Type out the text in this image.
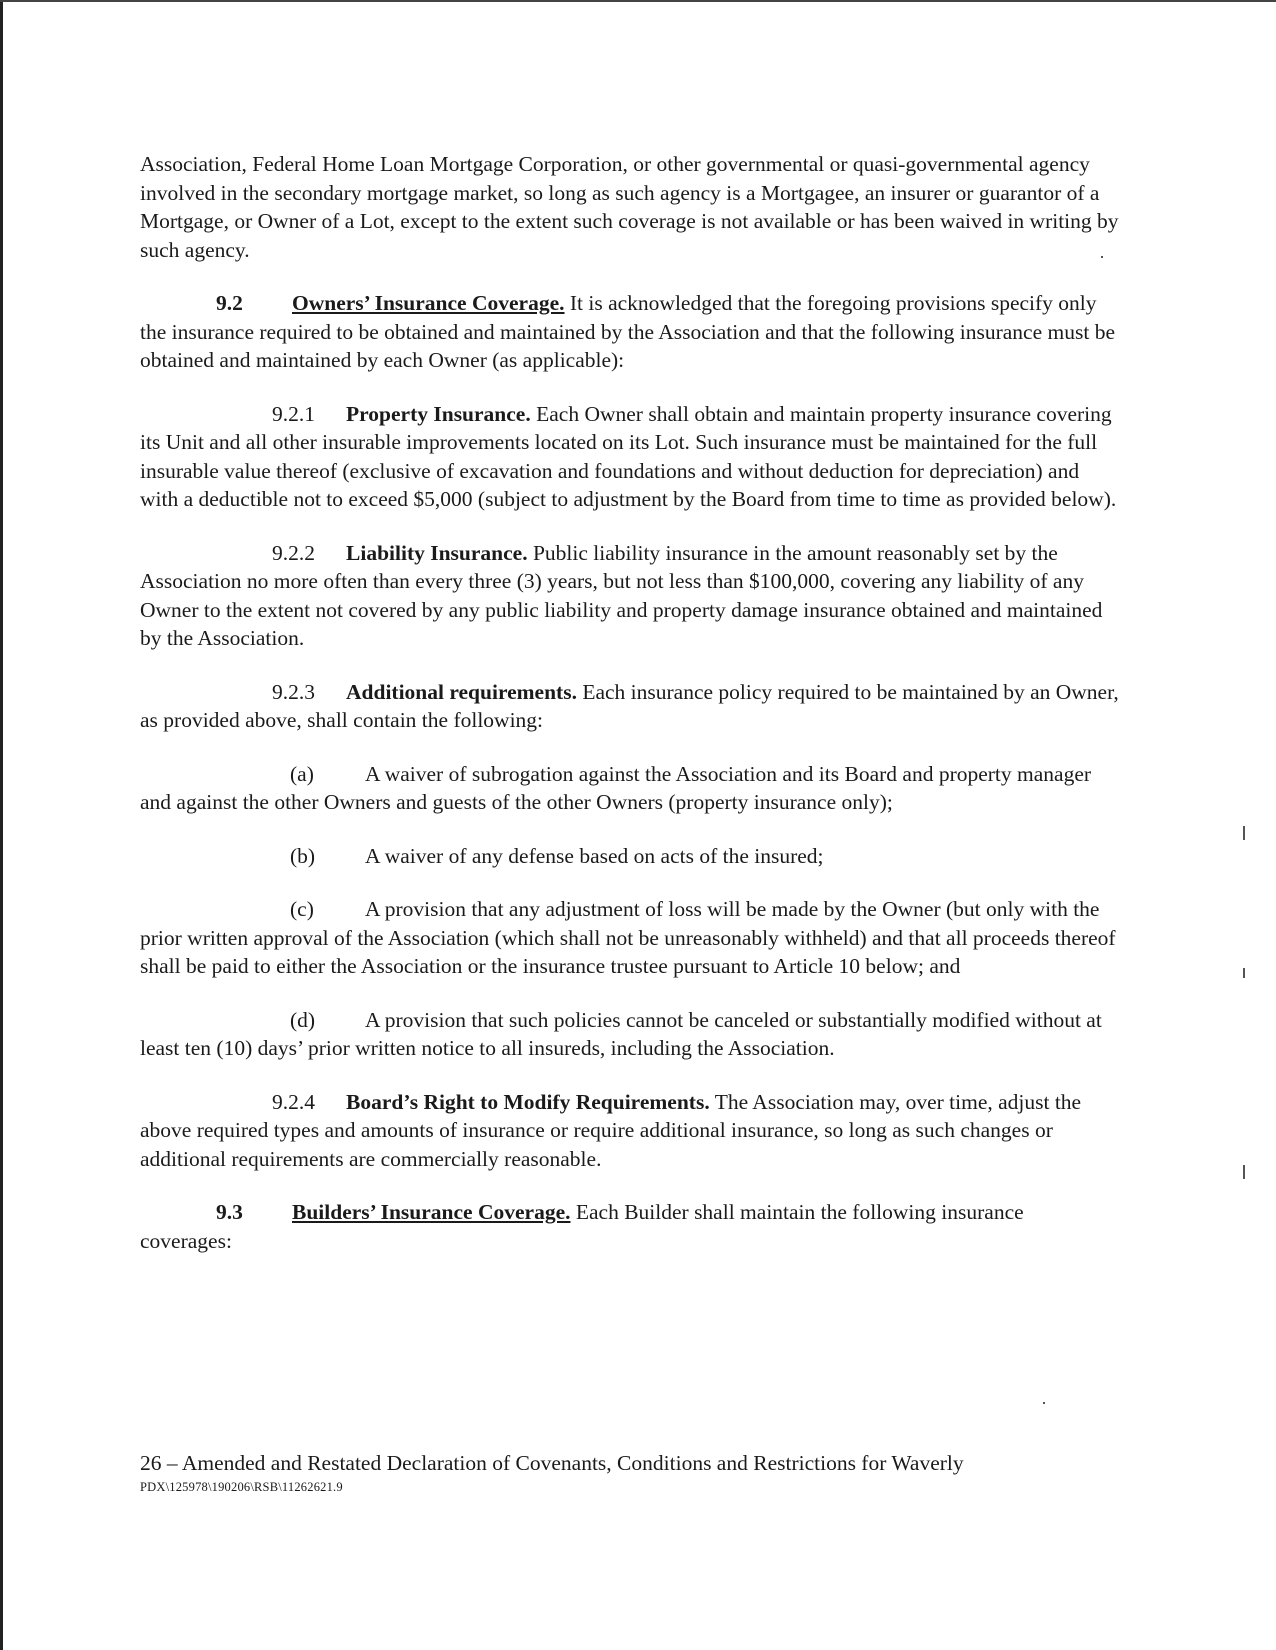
Association, Federal Home Loan Mortgage Corporation, or other governmental or quasi-governmental agency involved in the secondary mortgage market, so long as such agency is a Mortgagee, an insurer or guarantor of a Mortgage, or Owner of a Lot, except to the extent such coverage is not available or has been waived in writing by such agency.

9.2 Owners’ Insurance Coverage. It is acknowledged that the foregoing provisions specify only the insurance required to be obtained and maintained by the Association and that the following insurance must be obtained and maintained by each Owner (as applicable):

9.2.1 Property Insurance. Each Owner shall obtain and maintain property insurance covering its Unit and all other insurable improvements located on its Lot. Such insurance must be maintained for the full insurable value thereof (exclusive of excavation and foundations and without deduction for depreciation) and with a deductible not to exceed $5,000 (subject to adjustment by the Board from time to time as provided below).

9.2.2 Liability Insurance. Public liability insurance in the amount reasonably set by the Association no more often than every three (3) years, but not less than $100,000, covering any liability of any Owner to the extent not covered by any public liability and property damage insurance obtained and maintained by the Association.

9.2.3 Additional requirements. Each insurance policy required to be maintained by an Owner, as provided above, shall contain the following:

(a) A waiver of subrogation against the Association and its Board and property manager and against the other Owners and guests of the other Owners (property insurance only);

(b) A waiver of any defense based on acts of the insured;

(c) A provision that any adjustment of loss will be made by the Owner (but only with the prior written approval of the Association (which shall not be unreasonably withheld) and that all proceeds thereof shall be paid to either the Association or the insurance trustee pursuant to Article 10 below; and

(d) A provision that such policies cannot be canceled or substantially modified without at least ten (10) days’ prior written notice to all insureds, including the Association.

9.2.4 Board’s Right to Modify Requirements. The Association may, over time, adjust the above required types and amounts of insurance or require additional insurance, so long as such changes or additional requirements are commercially reasonable.

9.3 Builders’ Insurance Coverage. Each Builder shall maintain the following insurance coverages:

26 – Amended and Restated Declaration of Covenants, Conditions and Restrictions for Waverly

PDX\125978\190206\RSB\11262621.9
